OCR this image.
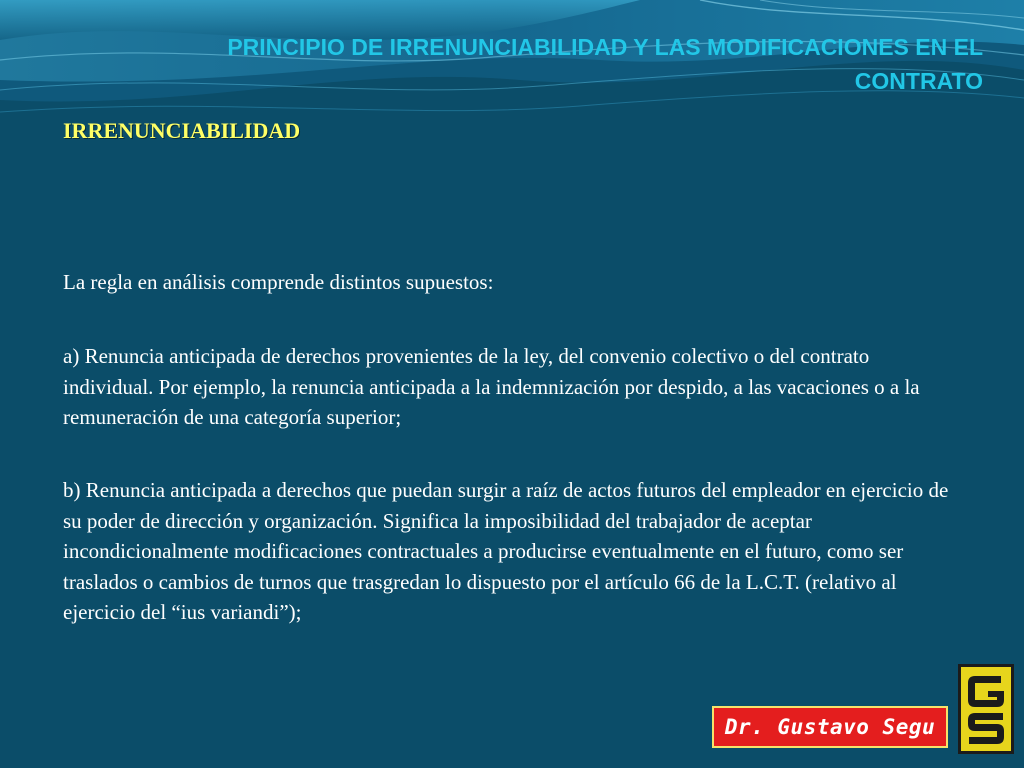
PRINCIPIO DE IRRENUNCIABILIDAD Y LAS MODIFICACIONES EN EL CONTRATO
IRRENUNCIABILIDAD

La regla en análisis comprende distintos supuestos:

a) Renuncia anticipada de derechos provenientes de la ley, del convenio colectivo o del contrato individual. Por ejemplo, la renuncia anticipada a la indemnización por despido, a las vacaciones o a la remuneración de una categoría superior;

b) Renuncia anticipada a derechos que puedan surgir a raíz de actos futuros del empleador en ejercicio de su poder de dirección y organización. Significa la imposibilidad del trabajador de aceptar incondicionalmente modificaciones contractuales a producirse eventualmente en el futuro, como ser traslados o cambios de turnos que trasgredan lo dispuesto por el artículo 66 de la L.C.T. (relativo al ejercicio del “ius variandi”);

Dr. Gustavo Segu
